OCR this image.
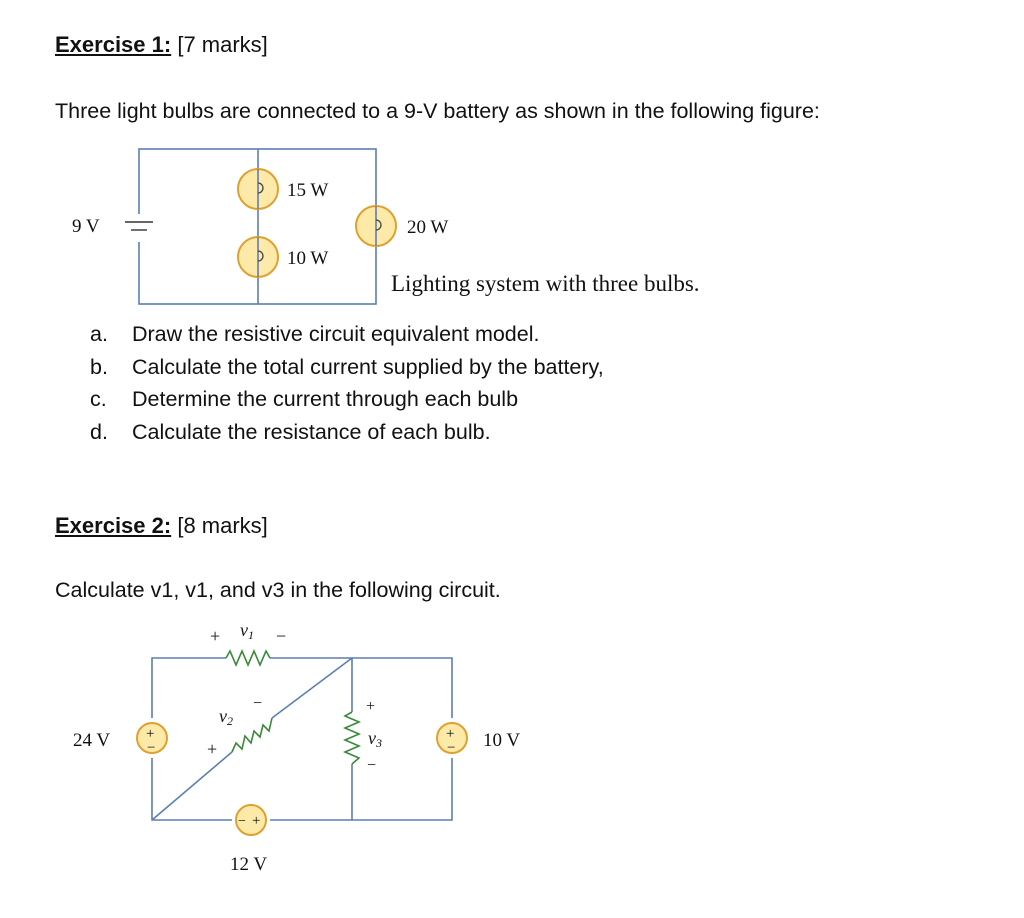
Exercise 1: [7 marks]
Three light bulbs are connected to a 9-V battery as shown in the following figure:
9 V
15 W
10 W
20 W
Lighting system with three bulbs.
a. Draw the resistive circuit equivalent model.
b. Calculate the total current supplied by the battery,
c. Determine the current through each bulb
d. Calculate the resistance of each bulb.
Exercise 2: [8 marks]
Calculate v1, v1, and v3 in the following circuit.
+
−
+
−
− +
+ v1 −
v2
−
+
+
v3
−
24 V	10 V
12 V
